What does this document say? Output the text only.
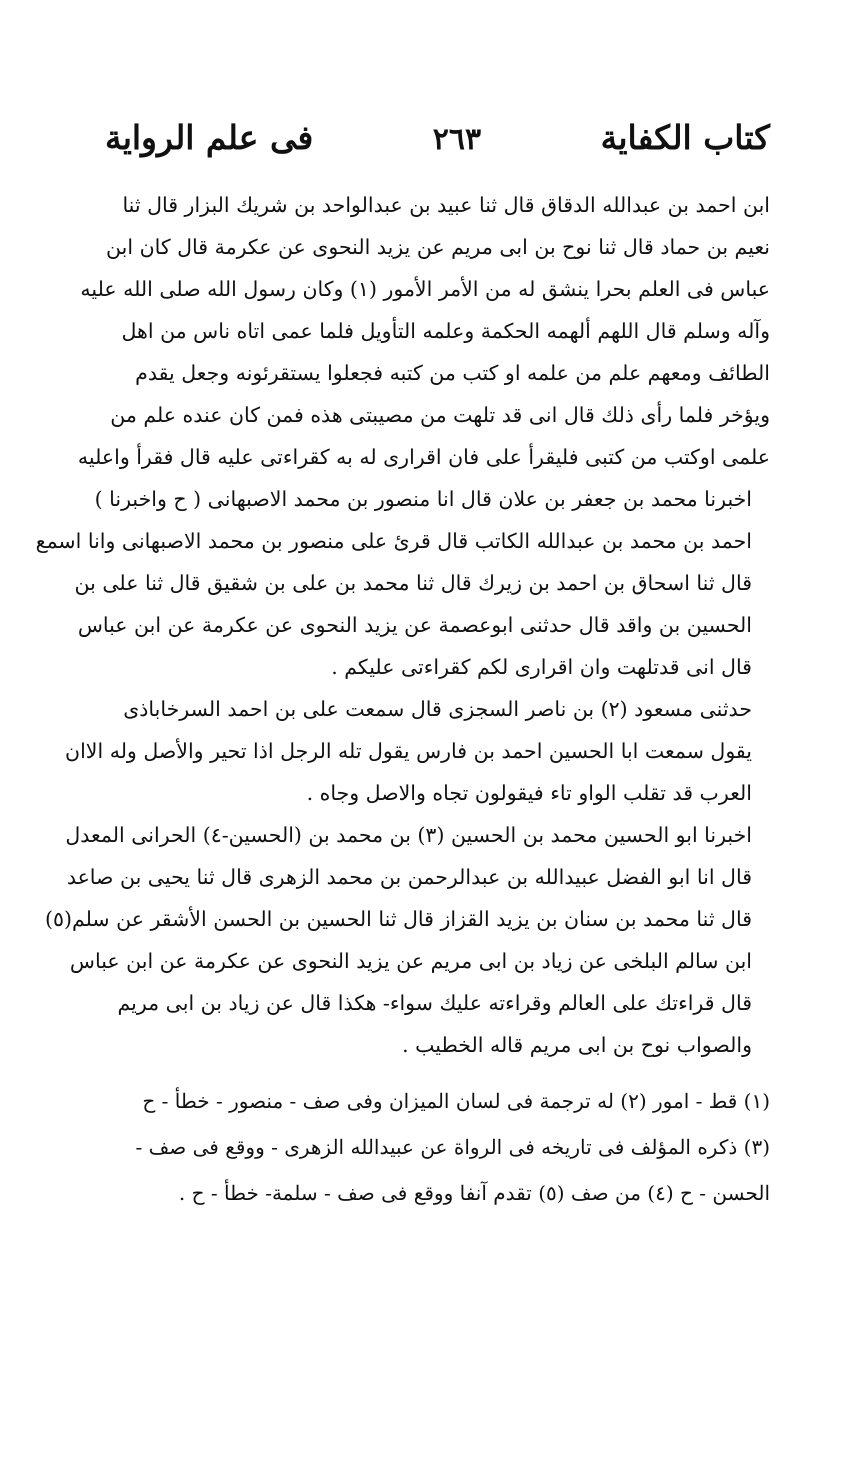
كتاب الكفاية
٢٦٣
فى علم الرواية
ابن احمد بن عبدالله الدقاق قال ثنا عبيد بن عبدالواحد بن شريك البزار قال ثنا
نعيم بن حماد قال ثنا نوح بن ابى مريم عن يزيد النحوى عن عكرمة قال كان ابن
عباس فى العلم بحرا ينشق له من الأمر الأمور (١) وكان رسول الله صلى الله عليه
وآله وسلم قال اللهم ألهمه الحكمة وعلمه التأويل فلما عمى اتاه ناس من اهل
الطائف ومعهم علم من علمه او كتب من كتبه فجعلوا يستقرئونه وجعل يقدم
ويؤخر فلما رأى ذلك قال انى قد تلهت من مصيبتى هذه فمن كان عنده علم من
علمى اوكتب من كتبى فليقرأ على فان اقرارى له به كقراءتى عليه قال فقرأ واعليه
اخبرنا محمد بن جعفر بن علان قال انا منصور بن محمد الاصبهانى ( ح واخبرنا )
احمد بن محمد بن عبدالله الكاتب قال قرئ على منصور بن محمد الاصبهانى وانا اسمع
قال ثنا اسحاق بن احمد بن زيرك قال ثنا محمد بن على بن شقيق قال ثنا على بن
الحسين بن واقد قال حدثنى ابوعصمة عن يزيد النحوى عن عكرمة عن ابن عباس
قال انى قدتلهت وان اقرارى لكم كقراءتى عليكم .
حدثنى مسعود (٢) بن ناصر السجزى قال سمعت على بن احمد السرخاباذى
يقول سمعت ابا الحسين احمد بن فارس يقول تله الرجل اذا تحير والأصل وله الاان
العرب قد تقلب الواو تاء فيقولون تجاه والاصل وجاه .
اخبرنا ابو الحسين محمد بن الحسين (٣) بن محمد بن (الحسين-٤) الحرانى المعدل
قال انا ابو الفضل عبيدالله بن عبدالرحمن بن محمد الزهرى قال ثنا يحيى بن صاعد
قال ثنا محمد بن سنان بن يزيد القزاز قال ثنا الحسين بن الحسن الأشقر عن سلم(٥)
ابن سالم البلخى عن زياد بن ابى مريم عن يزيد النحوى عن عكرمة عن ابن عباس
قال قراءتك على العالم وقراءته عليك سواء- هكذا قال عن زياد بن ابى مريم
والصواب نوح بن ابى مريم قاله الخطيب .
(١) قط - امور (٢) له ترجمة فى لسان الميزان وفى صف - منصور - خطأ - ح
(٣) ذكره المؤلف فى تاريخه فى الرواة عن عبيدالله الزهرى - ووقع فى صف -
الحسن - ح (٤) من صف (٥) تقدم آنفا ووقع فى صف - سلمة- خطأ - ح .
